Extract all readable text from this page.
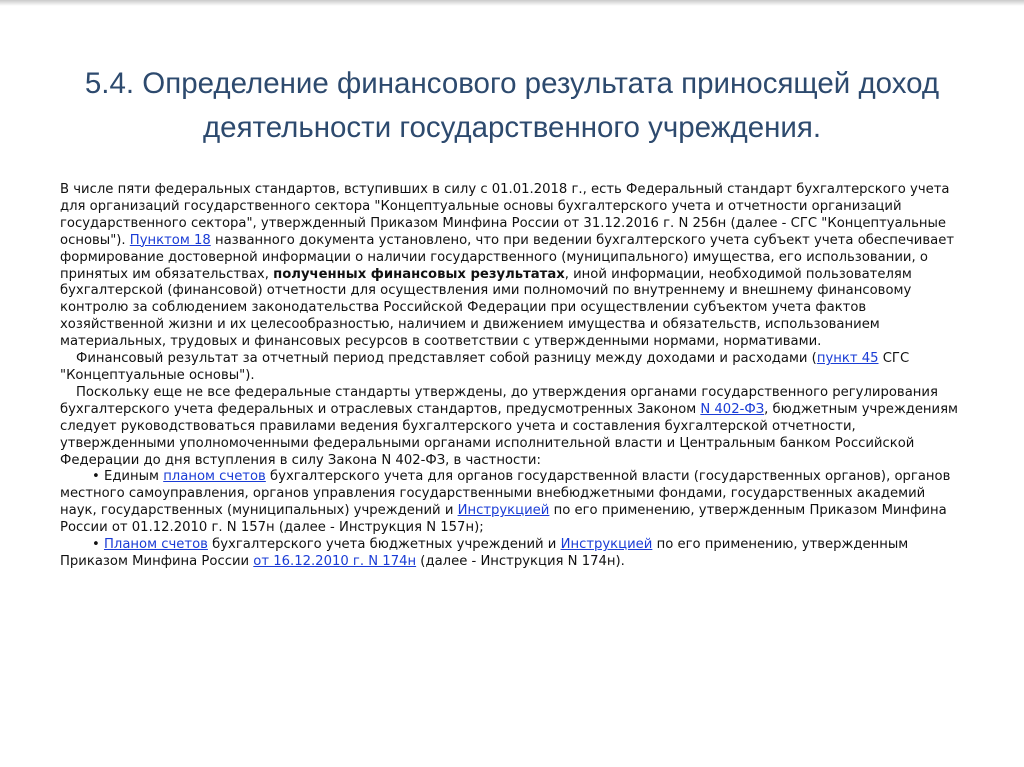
5.4. Определение финансового результата приносящей доход деятельности государственного учреждения.

В числе пяти федеральных стандартов, вступивших в силу с 01.01.2018 г., есть Федеральный стандарт бухгалтерского учета для организаций государственного сектора "Концептуальные основы бухгалтерского учета и отчетности организаций государственного сектора", утвержденный Приказом Минфина России от 31.12.2016 г. N 256н (далее - СГС "Концептуальные основы"). Пунктом 18 названного документа установлено, что при ведении бухгалтерского учета субъект учета обеспечивает формирование достоверной информации о наличии государственного (муниципального) имущества, его использовании, о принятых им обязательствах, полученных финансовых результатах, иной информации, необходимой пользователям бухгалтерской (финансовой) отчетности для осуществления ими полномочий по внутреннему и внешнему финансовому контролю за соблюдением законодательства Российской Федерации при осуществлении субъектом учета фактов хозяйственной жизни и их целесообразностью, наличием и движением имущества и обязательств, использованием материальных, трудовых и финансовых ресурсов в соответствии с утвержденными нормами, нормативами.

Финансовый результат за отчетный период представляет собой разницу между доходами и расходами (пункт 45 СГС "Концептуальные основы").

Поскольку еще не все федеральные стандарты утверждены, до утверждения органами государственного регулирования бухгалтерского учета федеральных и отраслевых стандартов, предусмотренных Законом N 402-ФЗ, бюджетным учреждениям следует руководствоваться правилами ведения бухгалтерского учета и составления бухгалтерской отчетности, утвержденными уполномоченными федеральными органами исполнительной власти и Центральным банком Российской Федерации до дня вступления в силу Закона N 402-ФЗ, в частности:

• Единым планом счетов бухгалтерского учета для органов государственной власти (государственных органов), органов местного самоуправления, органов управления государственными внебюджетными фондами, государственных академий наук, государственных (муниципальных) учреждений и Инструкцией по его применению, утвержденным Приказом Минфина России от 01.12.2010 г. N 157н (далее - Инструкция N 157н);

• Планом счетов бухгалтерского учета бюджетных учреждений и Инструкцией по его применению, утвержденным Приказом Минфина России от 16.12.2010 г. N 174н (далее - Инструкция N 174н).
